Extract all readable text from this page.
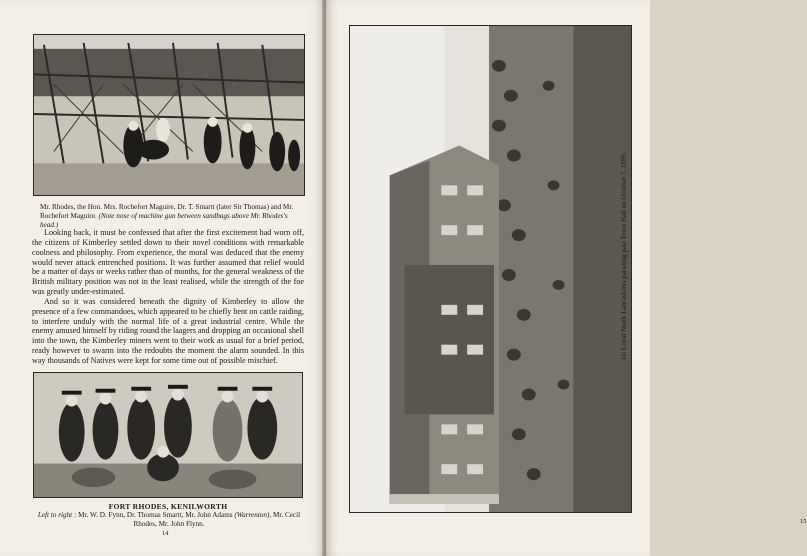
Mr. Rhodes, the Hon. Mrs. Rochefort Maguire, Dr. T. Smartt (later Sir Thomas) and Mr. Rochefort Maguire. (Note nose of machine gun between sandbags above Mr. Rhodes's head.)

Looking back, it must be confessed that after the first excitement had worn off, the citizens of Kimberley settled down to their novel conditions with remarkable coolness and philosophy. From experience, the moral was deduced that the enemy would never attack entrenched positions. It was further assumed that relief would be a matter of days or weeks rather than of months, for the general weakness of the British military position was not in the least realised, while the strength of the foe was greatly under-estimated.

And so it was considered beneath the dignity of Kimberley to allow the presence of a few commandoes, which appeared to be chiefly bent on cattle raiding, to interfere unduly with the normal life of a great industrial centre. While the enemy amused himself by riding round the laagers and dropping an occasional shell into the town, the Kimberley miners went to their work as usual for a brief period, ready however to swarm into the redoubts the moment the alarm sounded. In this way thousands of Natives were kept for some time out of possible mischief.

FORT RHODES, KENILWORTH
Left to right : Mr. W. D. Fynn, Dr. Thomas Smartt, Mr. John Adams (Warrenton), Mr. Cecil Rhodes, Mr. John Flynn.
14
15
1st Loyal North Lancashires parading past Town Hall on October 7, 1899.
